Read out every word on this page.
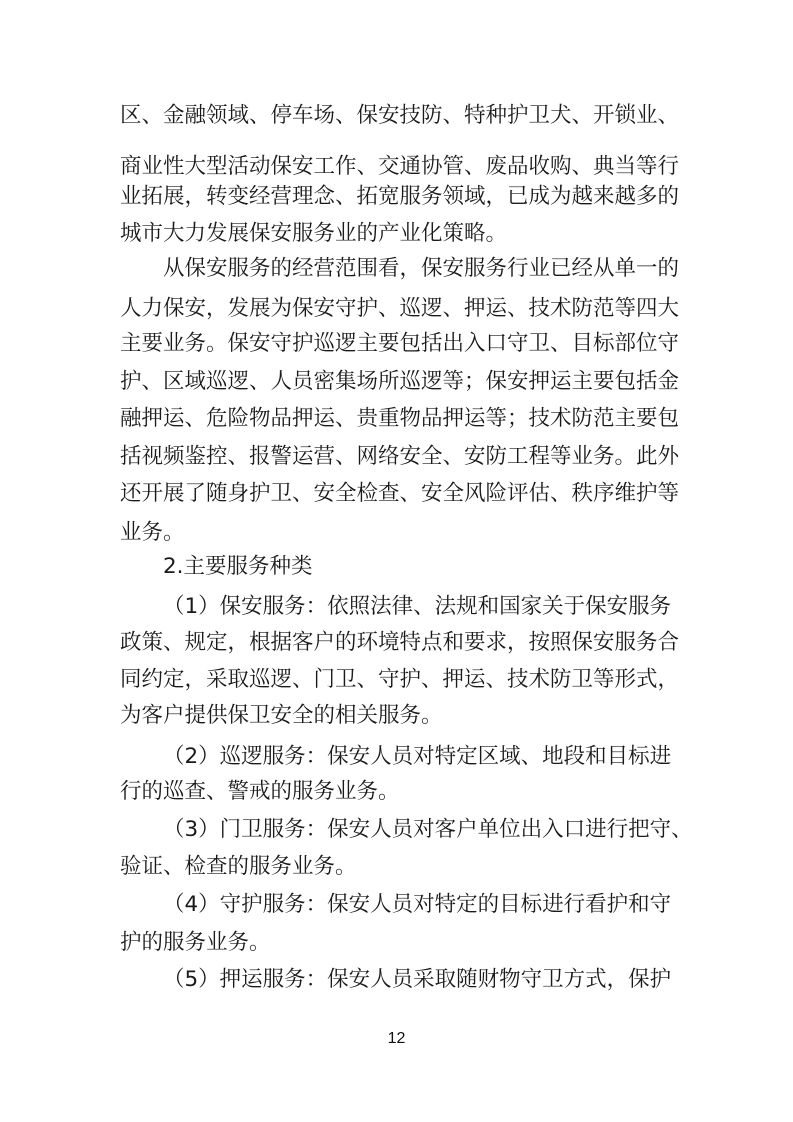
区、金融领域、停车场、保安技防、特种护卫犬、开锁业、
商业性大型活动保安工作、交通协管、废品收购、典当等行
业拓展，转变经营理念、拓宽服务领域，已成为越来越多的
城市大力发展保安服务业的产业化策略。
从保安服务的经营范围看，保安服务行业已经从单一的
人力保安，发展为保安守护、巡逻、押运、技术防范等四大
主要业务。保安守护巡逻主要包括出入口守卫、目标部位守
护、区域巡逻、人员密集场所巡逻等；保安押运主要包括金
融押运、危险物品押运、贵重物品押运等；技术防范主要包
括视频鉴控、报警运营、网络安全、安防工程等业务。此外
还开展了随身护卫、安全检查、安全风险评估、秩序维护等
业务。
2.主要服务种类
（1）保安服务：依照法律、法规和国家关于保安服务
政策、规定，根据客户的环境特点和要求，按照保安服务合
同约定，采取巡逻、门卫、守护、押运、技术防卫等形式，
为客户提供保卫安全的相关服务。
（2）巡逻服务：保安人员对特定区域、地段和目标进
行的巡查、警戒的服务业务。
（3）门卫服务：保安人员对客户单位出入口进行把守、
验证、检查的服务业务。
（4）守护服务：保安人员对特定的目标进行看护和守
护的服务业务。
（5）押运服务：保安人员采取随财物守卫方式，保护
12
